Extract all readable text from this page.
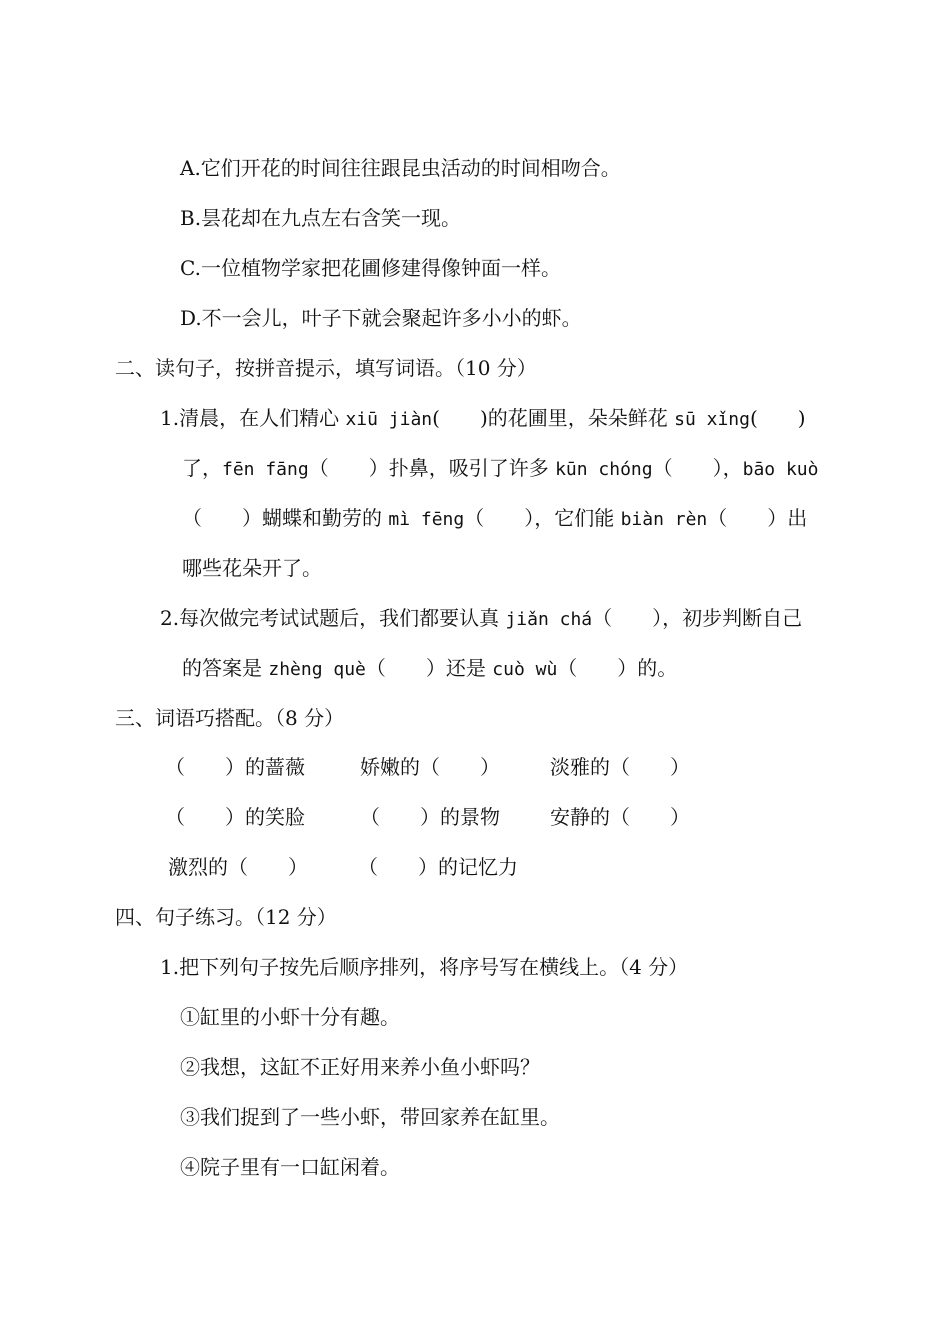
A.它们开花的时间往往跟昆虫活动的时间相吻合。
B.昙花却在九点左右含笑一现。
C.一位植物学家把花圃修建得像钟面一样。
D.不一会儿，叶子下就会聚起许多小小的虾。
二、读句子，按拼音提示，填写词语。（10 分）
1.清晨，在人们精心 xiū jiàn(　　)的花圃里，朵朵鲜花 sū xǐng(　　)
了，fēn fāng（　　）扑鼻，吸引了许多 kūn chóng（　　），bāo kuò
（　　）蝴蝶和勤劳的 mì fēng（　　），它们能 biàn rèn（　　）出
哪些花朵开了。
2.每次做完考试试题后，我们都要认真 jiǎn chá（　　），初步判断自己
的答案是 zhèng què（　　）还是 cuò wù（　　）的。
三、词语巧搭配。（8 分）
（　　）的蔷薇	娇嫩的（　　）	淡雅的（　　）
（　　）的笑脸	（　　）的景物	安静的（　　）
激烈的（　　）	（　　）的记忆力
四、句子练习。（12 分）
1.把下列句子按先后顺序排列，将序号写在横线上。（4 分）
①缸里的小虾十分有趣。
②我想，这缸不正好用来养小鱼小虾吗？
③我们捉到了一些小虾，带回家养在缸里。
④院子里有一口缸闲着。
